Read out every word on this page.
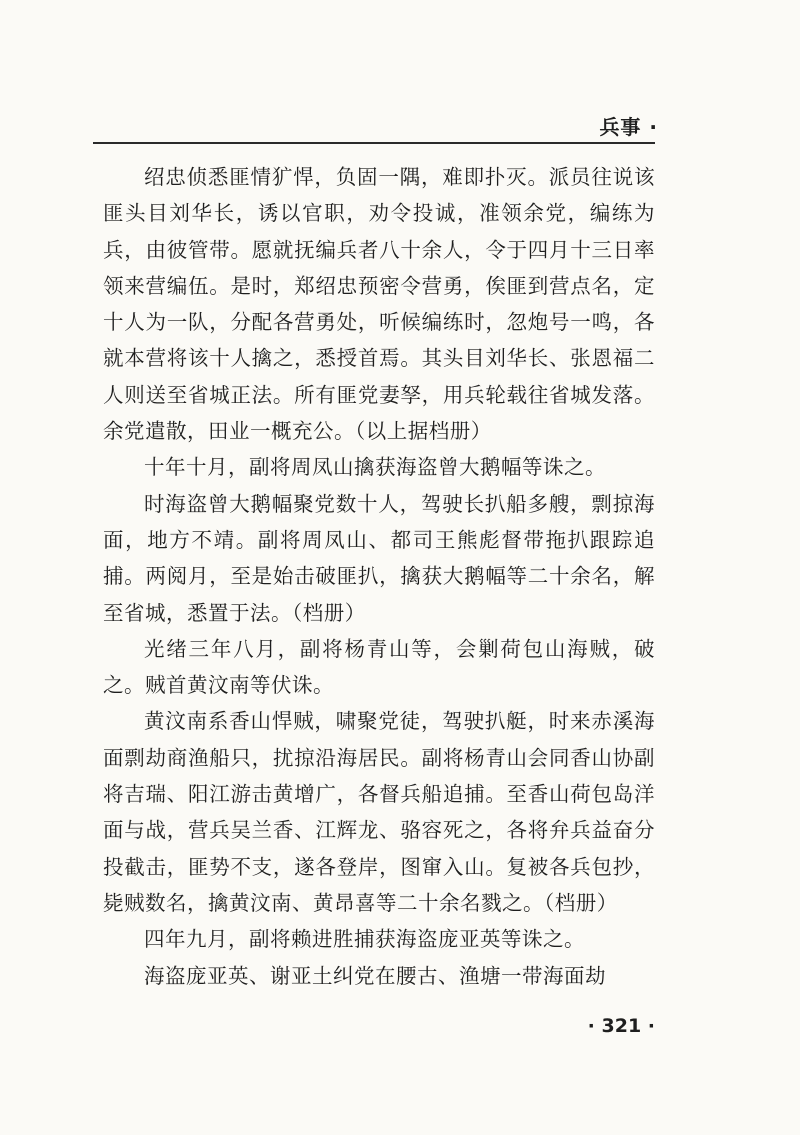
兵事 ·

绍忠侦悉匪情犷悍，负固一隅，难即扑灭。派员往说该匪头目刘华长，诱以官职，劝令投诚，准领余党，编练为兵，由彼管带。愿就抚编兵者八十余人，令于四月十三日率领来营编伍。是时，郑绍忠预密令营勇，俟匪到营点名，定十人为一队，分配各营勇处，听候编练时，忽炮号一鸣，各就本营将该十人擒之，悉授首焉。其头目刘华长、张恩福二人则送至省城正法。所有匪党妻孥，用兵轮载往省城发落。余党遣散，田业一概充公。（以上据档册）

十年十月，副将周凤山擒获海盗曾大鹅幅等诛之。

时海盗曾大鹅幅聚党数十人，驾驶长扒船多艘，剽掠海面，地方不靖。副将周凤山、都司王熊彪督带拖扒跟踪追捕。两阅月，至是始击破匪扒，擒获大鹅幅等二十余名，解至省城，悉置于法。（档册）

光绪三年八月，副将杨青山等，会剿荷包山海贼，破之。贼首黄汶南等伏诛。

黄汶南系香山悍贼，啸聚党徒，驾驶扒艇，时来赤溪海面剽劫商渔船只，扰掠沿海居民。副将杨青山会同香山协副将吉瑞、阳江游击黄增广，各督兵船追捕。至香山荷包岛洋面与战，营兵吴兰香、江辉龙、骆容死之，各将弁兵益奋分投截击，匪势不支，遂各登岸，图窜入山。复被各兵包抄，毙贼数名，擒黄汶南、黄昂喜等二十余名戮之。（档册）

四年九月，副将赖进胜捕获海盗庞亚英等诛之。

海盗庞亚英、谢亚土纠党在腰古、渔塘一带海面劫

· 321 ·
